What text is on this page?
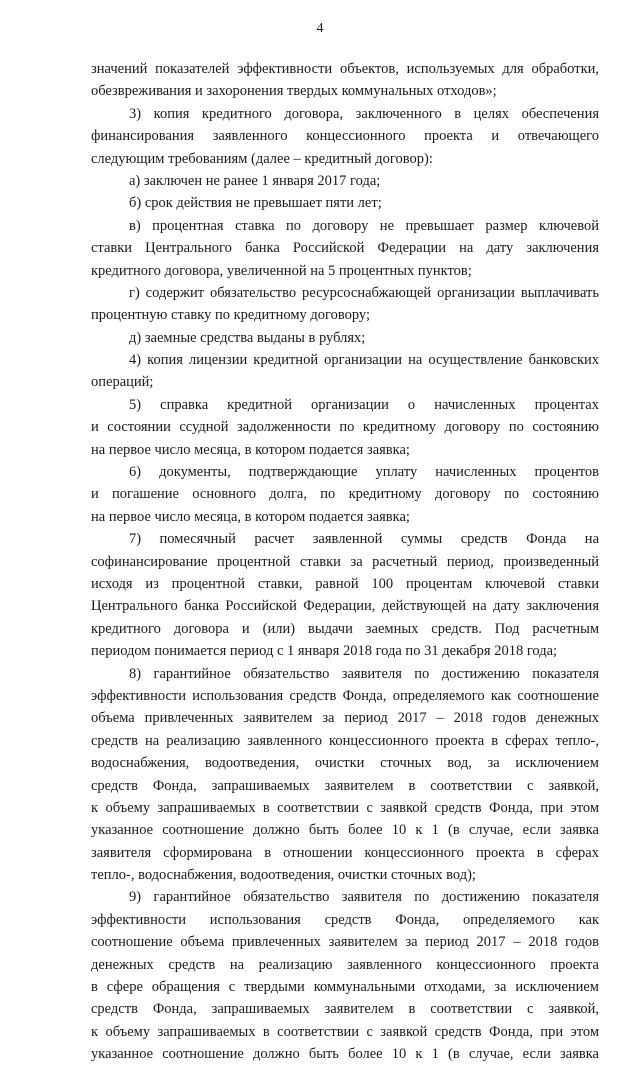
4
значений показателей эффективности объектов, используемых для обработки,
обезвреживания и захоронения твердых коммунальных отходов»;
3) копия кредитного договора, заключенного в целях обеспечения
финансирования заявленного концессионного проекта и отвечающего
следующим требованиям (далее – кредитный договор):
а) заключен не ранее 1 января 2017 года;
б) срок действия не превышает пяти лет;
в) процентная ставка по договору не превышает размер ключевой
ставки Центрального банка Российской Федерации на дату заключения
кредитного договора, увеличенной на 5 процентных пунктов;
г) содержит обязательство ресурсоснабжающей организации выплачивать
процентную ставку по кредитному договору;
д) заемные средства выданы в рублях;
4) копия лицензии кредитной организации на осуществление банковских
операций;
5) справка кредитной организации о начисленных процентах
и состоянии ссудной задолженности по кредитному договору по состоянию
на первое число месяца, в котором подается заявка;
6) документы, подтверждающие уплату начисленных процентов
и погашение основного долга, по кредитному договору по состоянию
на первое число месяца, в котором подается заявка;
7) помесячный расчет заявленной суммы средств Фонда на
софинансирование процентной ставки за расчетный период, произведенный
исходя из процентной ставки, равной 100 процентам ключевой ставки
Центрального банка Российской Федерации, действующей на дату заключения
кредитного договора и (или) выдачи заемных средств. Под расчетным
периодом понимается период с 1 января 2018 года по 31 декабря 2018 года;
8) гарантийное обязательство заявителя по достижению показателя
эффективности использования средств Фонда, определяемого как соотношение
объема привлеченных заявителем за период 2017 – 2018 годов денежных
средств на реализацию заявленного концессионного проекта в сферах тепло-,
водоснабжения, водоотведения, очистки сточных вод, за исключением
средств Фонда, запрашиваемых заявителем в соответствии с заявкой,
к объему запрашиваемых в соответствии с заявкой средств Фонда, при этом
указанное соотношение должно быть более 10 к 1 (в случае, если заявка
заявителя сформирована в отношении концессионного проекта в сферах
тепло-, водоснабжения, водоотведения, очистки сточных вод);
9) гарантийное обязательство заявителя по достижению показателя
эффективности использования средств Фонда, определяемого как
соотношение объема привлеченных заявителем за период 2017 – 2018 годов
денежных средств на реализацию заявленного концессионного проекта
в сфере обращения с твердыми коммунальными отходами, за исключением
средств Фонда, запрашиваемых заявителем в соответствии с заявкой,
к объему запрашиваемых в соответствии с заявкой средств Фонда, при этом
указанное соотношение должно быть более 10 к 1 (в случае, если заявка
